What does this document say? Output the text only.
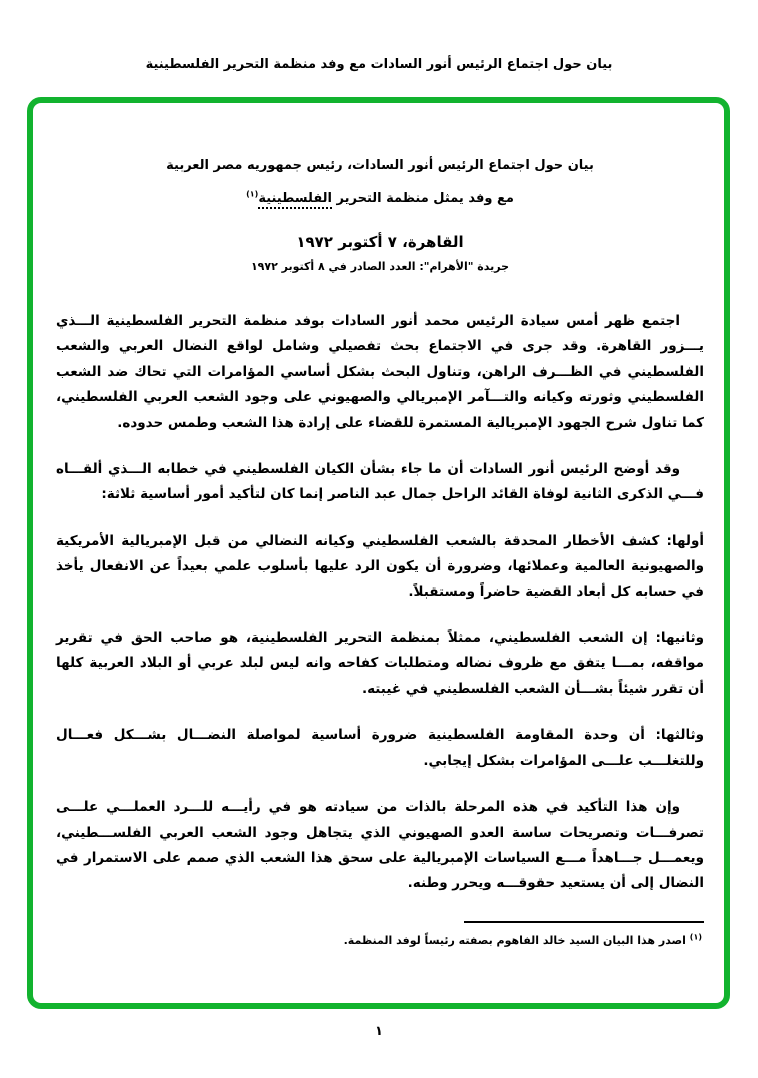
بيان حول اجتماع الرئيس أنور السادات مع وفد منظمة التحرير الفلسطينية
بيان حول اجتماع الرئيس أنور السادات، رئيس جمهوريه مصر العربية
مع وفد يمثل منظمة التحرير الفلسطينية$^{(١)}$
القاهرة، ٧ أكتوبر ١٩٧٢
جريدة "الأهرام": العدد الصادر في ٨ أكتوبر ١٩٧٢

اجتمع ظهر أمس سيادة الرئيس محمد أنور السادات بوفد منظمة التحرير الفلسطينية الـــذي يـــزور القاهرة. وقد جرى في الاجتماع بحث تفصيلي وشامل لواقع النضال العربي والشعب الفلسطيني في الظـــرف الراهن، وتناول البحث بشكل أساسي المؤامرات التي تحاك ضد الشعب الفلسطيني وثورته وكيانه والتـــآمر الإمبريالي والصهيوني على وجود الشعب العربي الفلسطيني، كما تناول شرح الجهود الإمبريالية المستمرة للقضاء على إرادة هذا الشعب وطمس حدوده.

وقد أوضح الرئيس أنور السادات أن ما جاء بشأن الكيان الفلسطيني في خطابه الـــذي ألقـــاه فـــي الذكرى الثانية لوفاة القائد الراحل جمال عبد الناصر إنما كان لتأكيد أمور أساسية ثلاثة:

أولها: كشف الأخطار المحدقة بالشعب الفلسطيني وكيانه النضالي من قبل الإمبريالية الأمريكية والصهيونية العالمية وعملائها، وضرورة أن يكون الرد عليها بأسلوب علمي بعيداً عن الانفعال يأخذ في حسابه كل أبعاد القضية حاضراً ومستقبلاً.

وثانيها: إن الشعب الفلسطيني، ممثلاً بمنظمة التحرير الفلسطينية، هو صاحب الحق في تقرير مواقفه، بمـــا يتفق مع ظروف نضاله ومتطلبات كفاحه وانه ليس لبلد عربي أو البلاد العربية كلها أن تقرر شيئاً بشـــأن الشعب الفلسطيني في غيبته.

وثالثها: أن وحدة المقاومة الفلسطينية ضرورة أساسية لمواصلة النضـــال بشـــكل فعـــال وللتغلـــب علـــى المؤامرات بشكل إيجابي.

وإن هذا التأكيد في هذه المرحلة بالذات من سيادته هو في رأيـــه للـــرد العملـــي علـــى تصرفـــات وتصريحات ساسة العدو الصهيوني الذي يتجاهل وجود الشعب العربي الفلســـطيني، ويعمـــل جـــاهداً مـــع السياسات الإمبريالية على سحق هذا الشعب الذي صمم على الاستمرار في النضال إلى أن يستعيد حقوقـــه ويحرر وطنه.

$^{(١)}$ اصدر هذا البيان السيد خالد الفاهوم بصفته رئيساً لوفد المنظمة.
١
